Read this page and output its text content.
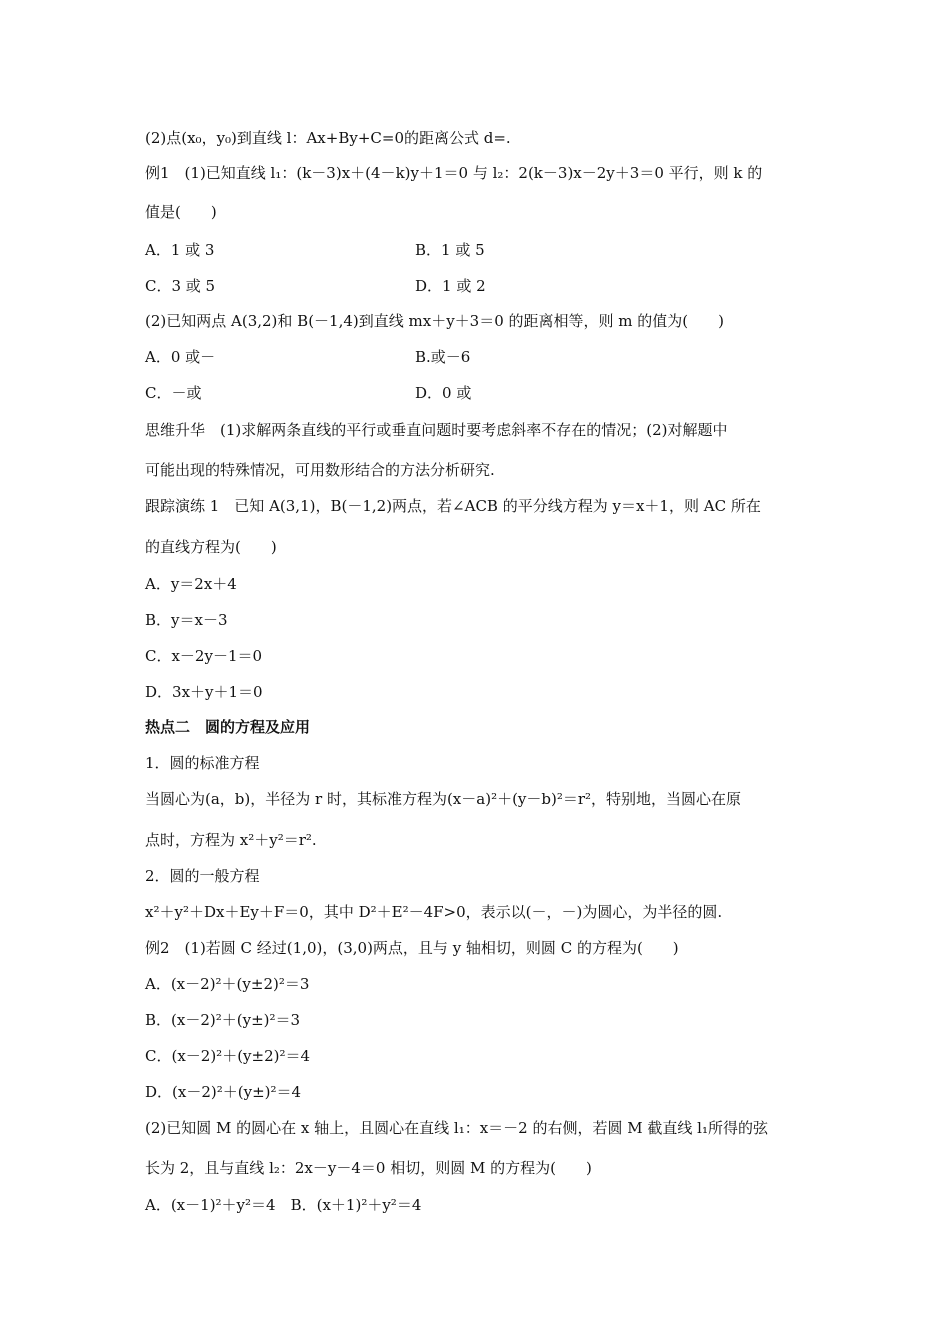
(2)点(x₀，y₀)到直线 l：Ax+By+C=0的距离公式 d=.
例1　(1)已知直线 l₁：(k－3)x＋(4－k)y＋1＝0 与 l₂：2(k－3)x－2y＋3＝0 平行，则 k 的
值是(　　)
A．1 或 3	B．1 或 5
C．3 或 5	D．1 或 2
(2)已知两点 A(3,2)和 B(－1,4)到直线 mx＋y＋3＝0 的距离相等，则 m 的值为(　　)
A．0 或－	B.或－6
C．－或	D．0 或
思维升华　(1)求解两条直线的平行或垂直问题时要考虑斜率不存在的情况；(2)对解题中
可能出现的特殊情况，可用数形结合的方法分析研究.
跟踪演练 1　已知 A(3,1)，B(－1,2)两点，若∠ACB 的平分线方程为 y＝x＋1，则 AC 所在
的直线方程为(　　)
A．y＝2x＋4
B．y＝x－3
C．x－2y－1＝0
D．3x＋y＋1＝0
热点二　圆的方程及应用
1．圆的标准方程
当圆心为(a，b)，半径为 r 时，其标准方程为(x－a)²＋(y－b)²＝r²，特别地，当圆心在原
点时，方程为 x²＋y²＝r².
2．圆的一般方程
x²＋y²＋Dx＋Ey＋F＝0，其中 D²＋E²－4F>0，表示以(－，－)为圆心，为半径的圆.
例2　(1)若圆 C 经过(1,0)，(3,0)两点，且与 y 轴相切，则圆 C 的方程为(　　)
A．(x－2)²＋(y±2)²＝3
B．(x－2)²＋(y±)²＝3
C．(x－2)²＋(y±2)²＝4
D．(x－2)²＋(y±)²＝4
(2)已知圆 M 的圆心在 x 轴上，且圆心在直线 l₁：x＝－2 的右侧，若圆 M 截直线 l₁所得的弦
长为 2，且与直线 l₂：2x－y－4＝0 相切，则圆 M 的方程为(　　)
A．(x－1)²＋y²＝4　B．(x＋1)²＋y²＝4
